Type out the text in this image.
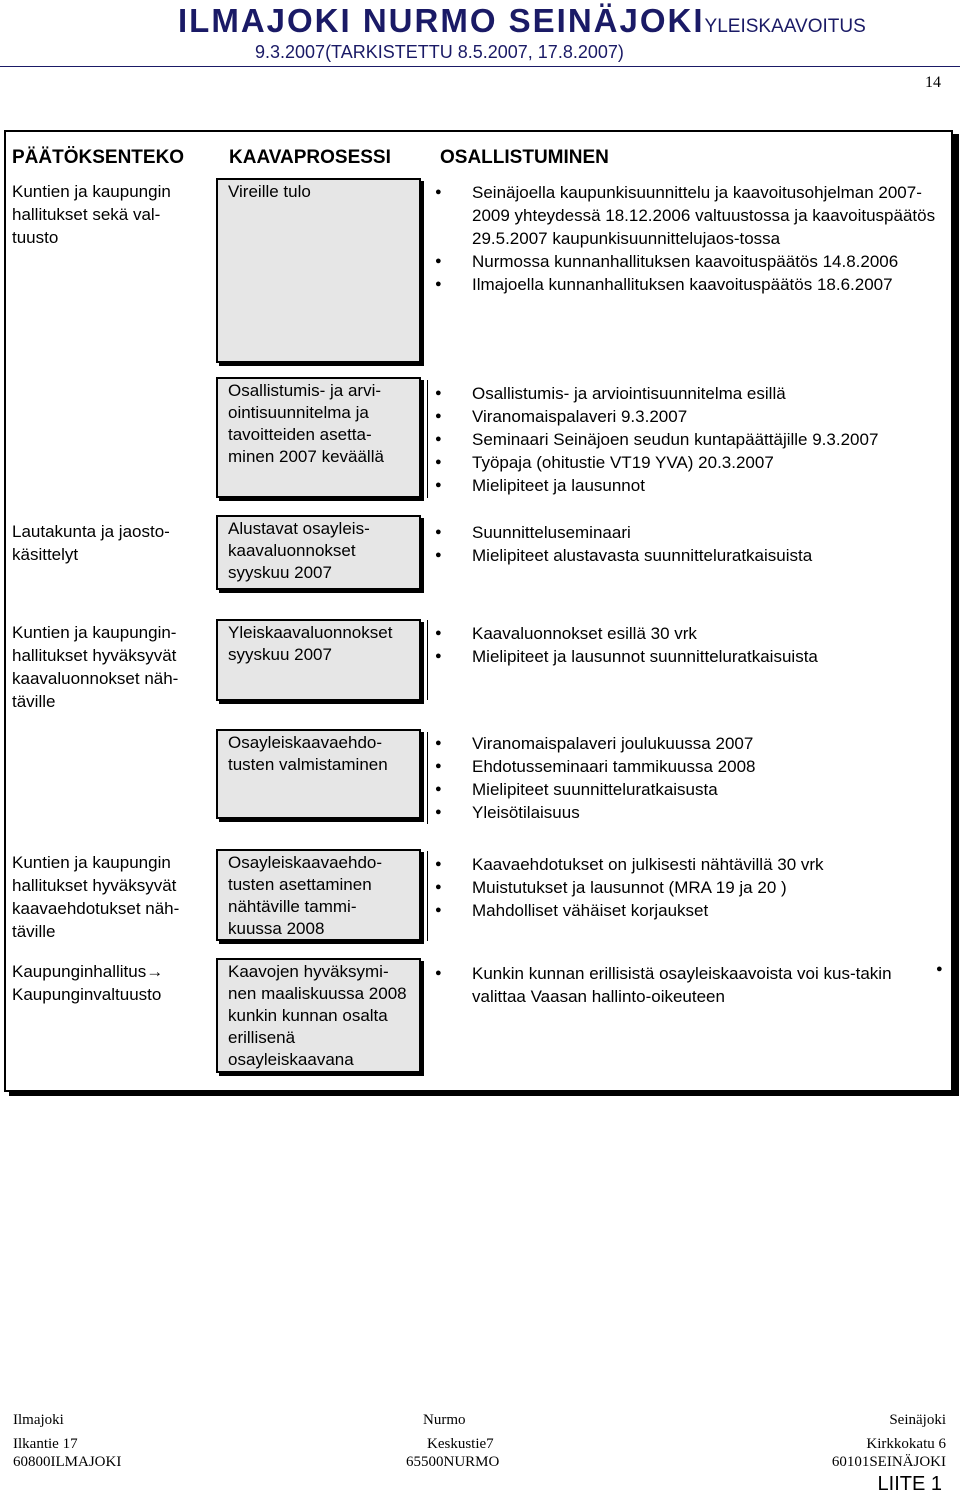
ILMAJOKI NURMO SEINÄJOKIYLEISKAAVOITUS
9.3.2007(TARKISTETTU 8.5.2007, 17.8.2007)
14
PÄÄTÖKSENTEKO KAAVAPROSESSI	OSALLISTUMINEN
Kuntien ja kaupungin hallitukset sekä val-tuusto
Vireille tulo
●	Seinäjoella kaupunkisuunnittelu ja kaavoitusohjelman 2007-2009 yhteydessä 18.12.2006 valtuustossa ja kaavoituspäätös 29.5.2007 kaupunkisuunnittelujaos-tossa
● Nurmossa kunnanhallituksen kaavoituspäätös 14.8.2006
● Ilmajoella kunnanhallituksen kaavoituspäätös 18.6.2007
Osallistumis- ja arvi-ointisuunnitelma ja tavoitteiden asetta-minen 2007 keväällä
● Osallistumis- ja arviointisuunnitelma esillä
● Viranomaispalaveri 9.3.2007
● Seminaari Seinäjoen seudun kuntapäättäjille 9.3.2007
● Työpaja (ohitustie VT19 YVA) 20.3.2007
● Mielipiteet ja lausunnot
Lautakunta ja jaosto-käsittelyt
Alustavat osayleis-kaavaluonnokset syyskuu 2007
● Suunnitteluseminaari
● Mielipiteet alustavasta suunnitteluratkaisuista
Kuntien ja kaupungin-hallitukset hyväksyvät kaavaluonnokset näh-täville
Yleiskaavaluonnokset syyskuu 2007
● Kaavaluonnokset esillä 30 vrk
● Mielipiteet ja lausunnot suunnitteluratkaisuista
Osayleiskaavaehdo-tusten valmistaminen
● Viranomaispalaveri joulukuussa 2007
● Ehdotusseminaari tammikuussa 2008
● Mielipiteet suunnitteluratkaisusta
● Yleisötilaisuus
Kuntien ja kaupungin hallitukset hyväksyvät kaavaehdotukset näh-täville
Osayleiskaavaehdo-tusten asettaminen nähtäville tammi-kuussa 2008
● Kaavaehdotukset on julkisesti nähtävillä 30 vrk
● Muistutukset ja lausunnot (MRA 19 ja 20 )
● Mahdolliset vähäiset korjaukset
Kaupunginhallitus→
Kaupunginvaltuusto
Kaavojen hyväksymi-nen maaliskuussa 2008 kunkin kunnan osalta erillisenä osayleiskaavana
● Kunkin kunnan erillisistä osayleiskaavoista voi kus-takin valittaa Vaasan hallinto-oikeuteen
●
Ilmajoki
Ilkantie 17
60800ILMAJOKI
Nurmo
Keskustie7
65500NURMO
Seinäjoki
Kirkkokatu 6
60101SEINÄJOKI
LIITE 1
